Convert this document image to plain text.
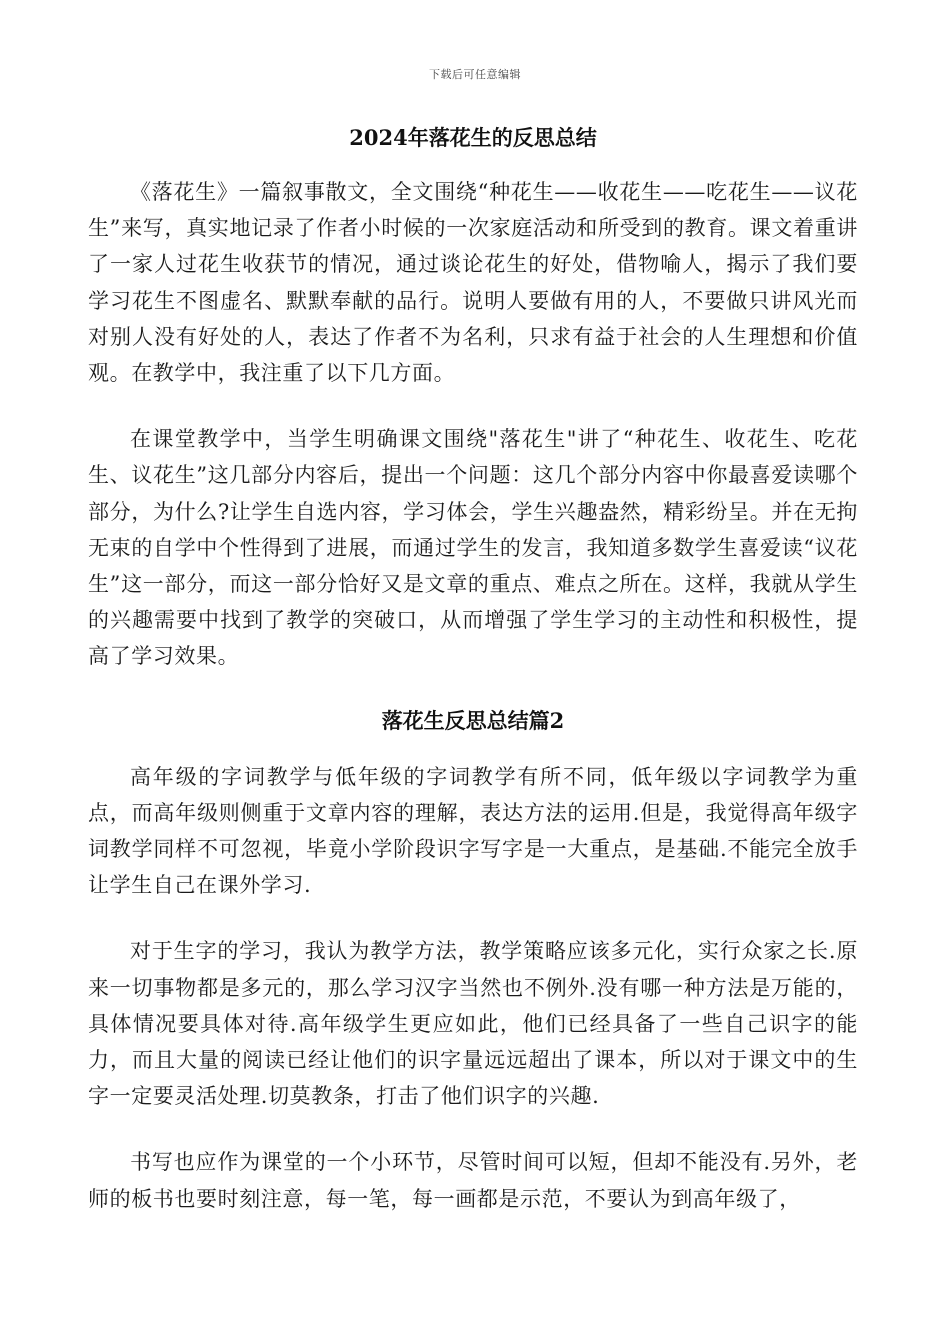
下载后可任意编辑
2024年落花生的反思总结

《落花生》一篇叙事散文，全文围绕“种花生——收花生——吃花生——议花生”来写，真实地记录了作者小时候的一次家庭活动和所受到的教育。课文着重讲了一家人过花生收获节的情况，通过谈论花生的好处，借物喻人，揭示了我们要学习花生不图虚名、默默奉献的品行。说明人要做有用的人，不要做只讲风光而对别人没有好处的人，表达了作者不为名利，只求有益于社会的人生理想和价值观。在教学中，我注重了以下几方面。

在课堂教学中，当学生明确课文围绕"落花生"讲了“种花生、收花生、吃花生、议花生”这几部分内容后，提出一个问题：这几个部分内容中你最喜爱读哪个部分，为什么?让学生自选内容，学习体会，学生兴趣盎然，精彩纷呈。并在无拘无束的自学中个性得到了进展，而通过学生的发言，我知道多数学生喜爱读“议花生”这一部分，而这一部分恰好又是文章的重点、难点之所在。这样，我就从学生的兴趣需要中找到了教学的突破口，从而增强了学生学习的主动性和积极性，提高了学习效果。

落花生反思总结篇2

高年级的字词教学与低年级的字词教学有所不同，低年级以字词教学为重点，而高年级则侧重于文章内容的理解，表达方法的运用.但是，我觉得高年级字词教学同样不可忽视，毕竟小学阶段识字写字是一大重点，是基础.不能完全放手让学生自己在课外学习.

对于生字的学习，我认为教学方法，教学策略应该多元化，实行众家之长.原来一切事物都是多元的，那么学习汉字当然也不例外.没有哪一种方法是万能的，具体情况要具体对待.高年级学生更应如此，他们已经具备了一些自己识字的能力，而且大量的阅读已经让他们的识字量远远超出了课本，所以对于课文中的生字一定要灵活处理.切莫教条，打击了他们识字的兴趣.

书写也应作为课堂的一个小环节，尽管时间可以短，但却不能没有.另外，老师的板书也要时刻注意，每一笔，每一画都是示范，不要认为到高年级了，
